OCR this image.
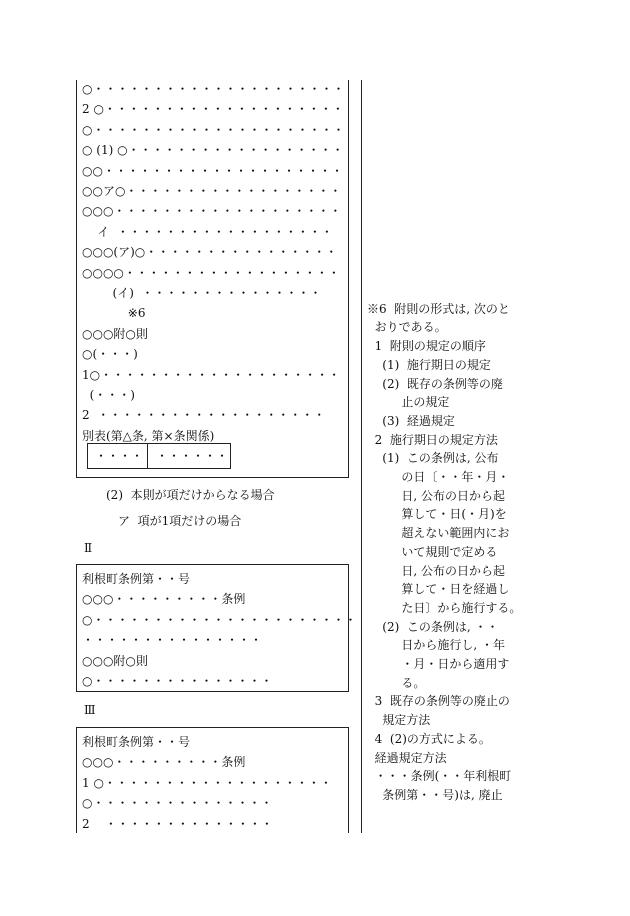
○・・・・・・・・・・・・・・・・・・・・・
2 ○・・・・・・・・・・・・・・・・・・・・
○・・・・・・・・・・・・・・・・・・・・・
○ (1) ○・・・・・・・・・・・・・・・・・・
○○・・・・・・・・・・・・・・・・・・・・
○○ア○・・・・・・・・・・・・・・・・・・
○○○・・・・・・・・・・・・・・・・・・・
イ  ・・・・・・・・・・・・・・・・・・
○○○(ア)○・・・・・・・・・・・・・・・・
○○○○・・・・・・・・・・・・・・・・・・
(イ)  ・・・・・・・・・・・・・・・
※6
○○○附○則
○(・・・)
1○・・・・・・・・・・・・・・・・・・・・
(・・・)
2  ・・・・・・・・・・・・・・・・・・・
別表(第△条, 第×条関係)
・・・・ ・・・・・・
(2)  本則が項だけからなる場合
ア  項が1項だけの場合
Ⅱ
利根町条例第・・号
○○○・・・・・・・・・条例
○・・・・・・・・・・・・・・・・・・・・・・
・・・・・・・・・・・・・・・
○○○附○則
○・・・・・・・・・・・・・・・
Ⅲ
利根町条例第・・号
○○○・・・・・・・・・条例
1 ○・・・・・・・・・・・・・・・・・・・
○・・・・・・・・・・・・・・・
2    ・・・・・・・・・・・・・・
※6  附則の形式は, 次のと
おりである。
1  附則の規定の順序
(1)  施行期日の規定
(2)  既存の条例等の廃
止の規定
(3)  経過規定
2  施行期日の規定方法
(1)  この条例は, 公布
の日〔・・年・月・
日, 公布の日から起
算して・日(・月)を
超えない範囲内にお
いて規則で定める
日, 公布の日から起
算して・日を経過し
た日〕から施行する。
(2)  この条例は, ・・
日から施行し, ・年
・月・日から適用す
る。
3  既存の条例等の廃止の
規定方法
4  (2)の方式による。
経過規定方法
・・・条例(・・年利根町
条例第・・号)は, 廃止
